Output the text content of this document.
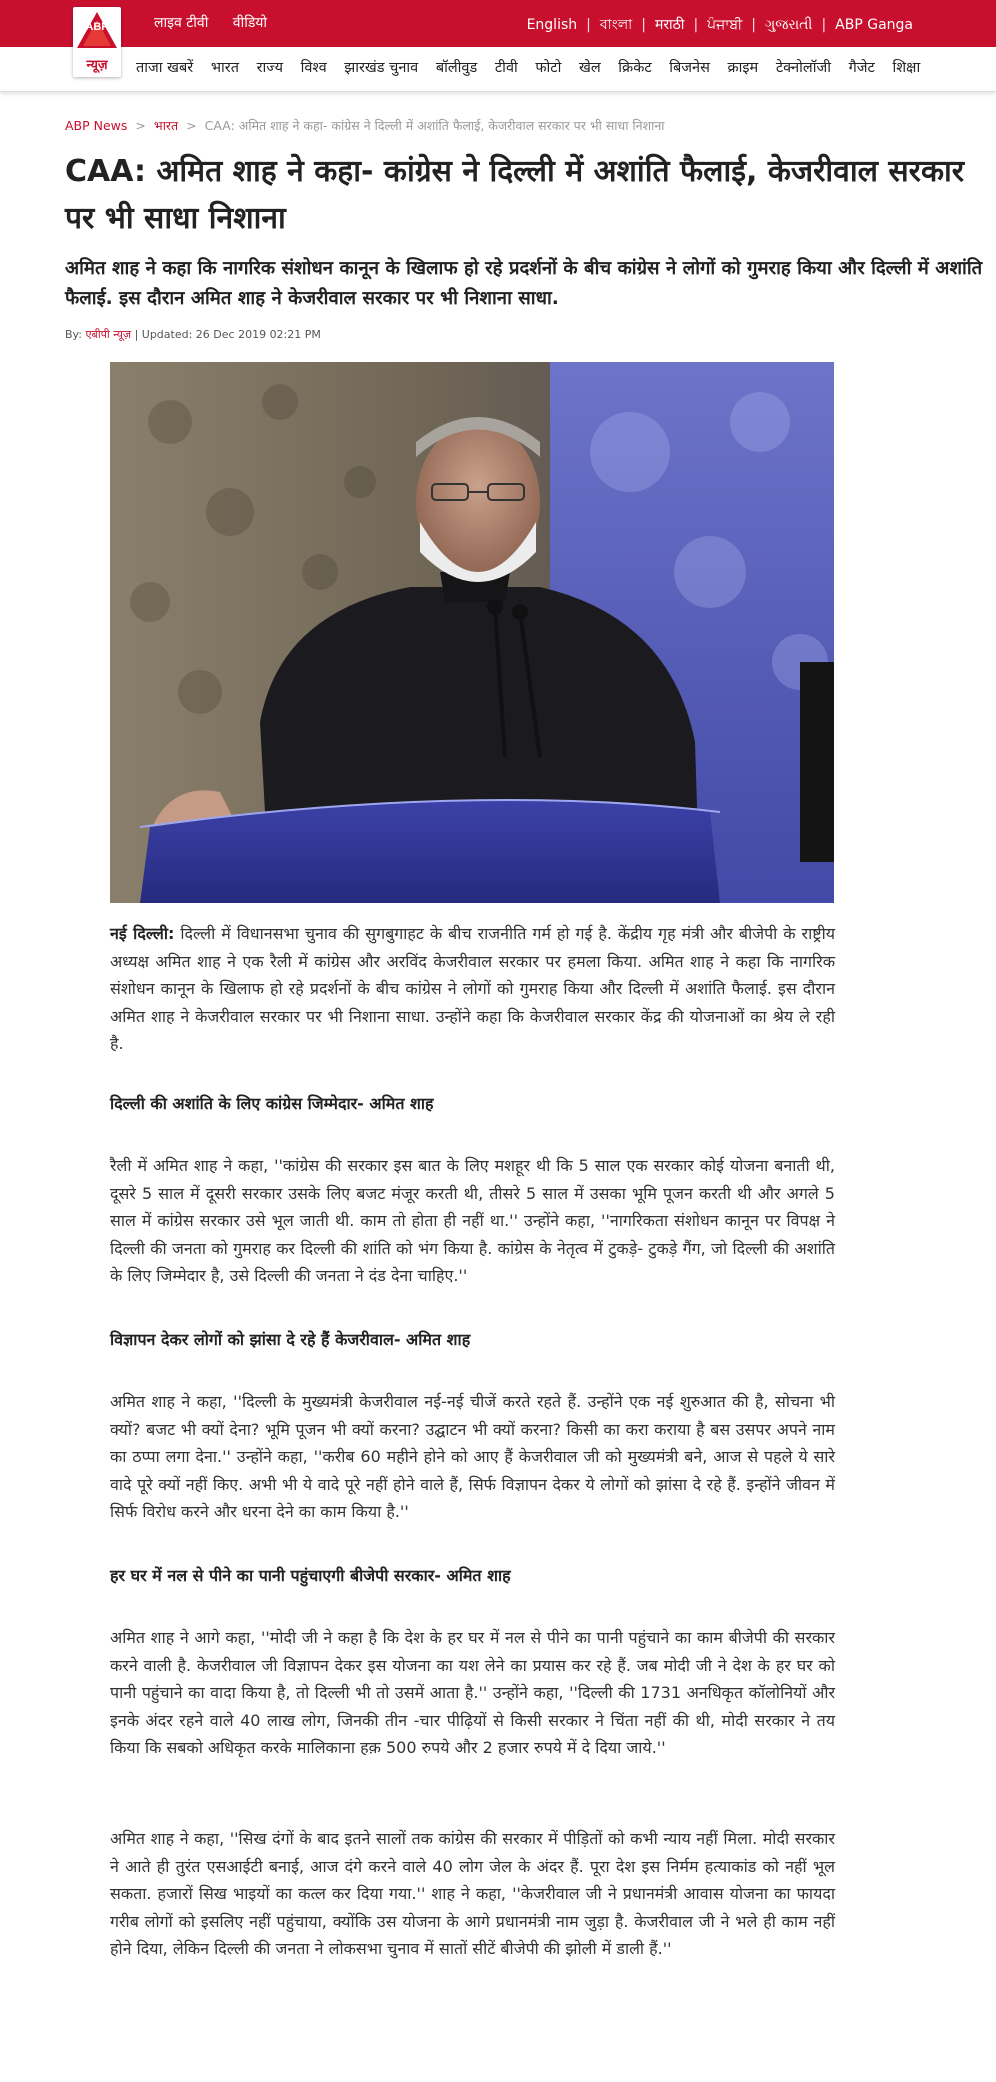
लाइव टीवी वीडियो	English | বাংলা | मराठी | ਪੰਜਾਬੀ | ગુજરાતી | ABP Ganga
ABP
न्यूज़	ताजा खबरें भारत राज्य विश्व झारखंड चुनाव बॉलीवुड टीवी फोटो खेल क्रिकेट बिजनेस क्राइम टेक्नोलॉजी गैजेट शिक्षा
ABP News > भारत > CAA: अमित शाह ने कहा- कांग्रेस ने दिल्ली में अशांति फैलाई, केजरीवाल सरकार पर भी साधा निशाना
CAA: अमित शाह ने कहा- कांग्रेस ने दिल्ली में अशांति फैलाई, केजरीवाल सरकार पर भी साधा निशाना

अमित शाह ने कहा कि नागरिक संशोधन कानून के खिलाफ हो रहे प्रदर्शनों के बीच कांग्रेस ने लोगों को गुमराह किया और दिल्ली में अशांति फैलाई. इस दौरान अमित शाह ने केजरीवाल सरकार पर भी निशाना साधा.

By: एबीपी न्यूज़ | Updated: 26 Dec 2019 02:21 PM

नई दिल्ली: दिल्ली में विधानसभा चुनाव की सुगबुगाहट के बीच राजनीति गर्म हो गई है. केंद्रीय गृह मंत्री और बीजेपी के राष्ट्रीय अध्यक्ष अमित शाह ने एक रैली में कांग्रेस और अरविंद केजरीवाल सरकार पर हमला किया. अमित शाह ने कहा कि नागरिक संशोधन कानून के खिलाफ हो रहे प्रदर्शनों के बीच कांग्रेस ने लोगों को गुमराह किया और दिल्ली में अशांति फैलाई. इस दौरान अमित शाह ने केजरीवाल सरकार पर भी निशाना साधा. उन्होंने कहा कि केजरीवाल सरकार केंद्र की योजनाओं का श्रेय ले रही है.

दिल्ली की अशांति के लिए कांग्रेस जिम्मेदार- अमित शाह

रैली में अमित शाह ने कहा, ''कांग्रेस की सरकार इस बात के लिए मशहूर थी कि 5 साल एक सरकार कोई योजना बनाती थी, दूसरे 5 साल में दूसरी सरकार उसके लिए बजट मंजूर करती थी, तीसरे 5 साल में उसका भूमि पूजन करती थी और अगले 5 साल में कांग्रेस सरकार उसे भूल जाती थी. काम तो होता ही नहीं था.'' उन्होंने कहा, ''नागरिकता संशोधन कानून पर विपक्ष ने दिल्ली की जनता को गुमराह कर दिल्ली की शांति को भंग किया है. कांग्रेस के नेतृत्व में टुकड़े- टुकड़े गैंग, जो दिल्ली की अशांति के लिए जिम्मेदार है, उसे दिल्ली की जनता ने दंड देना चाहिए.''

विज्ञापन देकर लोगों को झांसा दे रहे हैं केजरीवाल- अमित शाह

अमित शाह ने कहा, ''दिल्ली के मुख्यमंत्री केजरीवाल नई-नई चीजें करते रहते हैं. उन्होंने एक नई शुरुआत की है, सोचना भी क्यों? बजट भी क्यों देना? भूमि पूजन भी क्यों करना? उद्घाटन भी क्यों करना? किसी का करा कराया है बस उसपर अपने नाम का ठप्पा लगा देना.'' उन्होंने कहा, ''करीब 60 महीने होने को आए हैं केजरीवाल जी को मुख्यमंत्री बने, आज से पहले ये सारे वादे पूरे क्यों नहीं किए. अभी भी ये वादे पूरे नहीं होने वाले हैं, सिर्फ विज्ञापन देकर ये लोगों को झांसा दे रहे हैं. इन्होंने जीवन में सिर्फ विरोध करने और धरना देने का काम किया है.''

हर घर में नल से पीने का पानी पहुंचाएगी बीजेपी सरकार- अमित शाह

अमित शाह ने आगे कहा, ''मोदी जी ने कहा है कि देश के हर घर में नल से पीने का पानी पहुंचाने का काम बीजेपी की सरकार करने वाली है. केजरीवाल जी विज्ञापन देकर इस योजना का यश लेने का प्रयास कर रहे हैं. जब मोदी जी ने देश के हर घर को पानी पहुंचाने का वादा किया है, तो दिल्ली भी तो उसमें आता है.'' उन्होंने कहा, ''दिल्ली की 1731 अनधिकृत कॉलोनियों और इनके अंदर रहने वाले 40 लाख लोग, जिनकी तीन -चार पीढ़ियों से किसी सरकार ने चिंता नहीं की थी, मोदी सरकार ने तय किया कि सबको अधिकृत करके मालिकाना हक़ 500 रुपये और 2 हजार रुपये में दे दिया जाये.''

अमित शाह ने कहा, ''सिख दंगों के बाद इतने सालों तक कांग्रेस की सरकार में पीड़ितों को कभी न्याय नहीं मिला. मोदी सरकार ने आते ही तुरंत एसआईटी बनाई, आज दंगे करने वाले 40 लोग जेल के अंदर हैं. पूरा देश इस निर्मम हत्याकांड को नहीं भूल सकता. हजारों सिख भाइयों का कत्ल कर दिया गया.'' शाह ने कहा, ''केजरीवाल जी ने प्रधानमंत्री आवास योजना का फायदा गरीब लोगों को इसलिए नहीं पहुंचाया, क्योंकि उस योजना के आगे प्रधानमंत्री नाम जुड़ा है. केजरीवाल जी ने भले ही काम नहीं होने दिया, लेकिन दिल्ली की जनता ने लोकसभा चुनाव में सातों सीटें बीजेपी की झोली में डाली हैं.''
